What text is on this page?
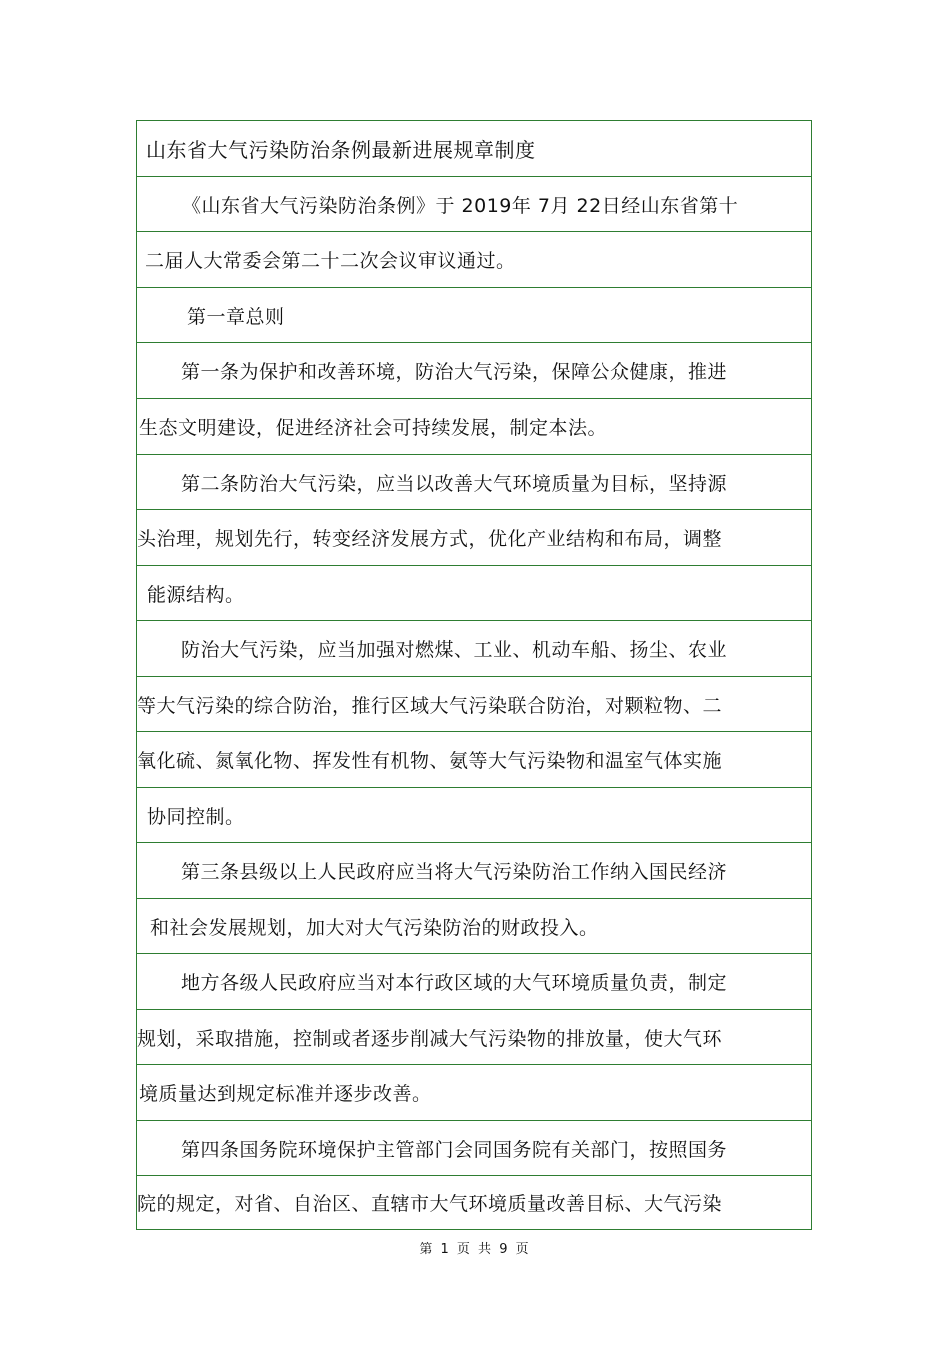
山东省大气污染防治条例最新进展规章制度
《山东省大气污染防治条例》于 2019年 7月 22日经山东省第十
二届人大常委会第二十二次会议审议通过。
第一章总则
第一条为保护和改善环境，防治大气污染，保障公众健康，推进
生态文明建设，促进经济社会可持续发展，制定本法。
第二条防治大气污染，应当以改善大气环境质量为目标，坚持源
头治理，规划先行，转变经济发展方式，优化产业结构和布局，调整
能源结构。
防治大气污染，应当加强对燃煤、工业、机动车船、扬尘、农业
等大气污染的综合防治，推行区域大气污染联合防治，对颗粒物、二
氧化硫、氮氧化物、挥发性有机物、氨等大气污染物和温室气体实施
协同控制。
第三条县级以上人民政府应当将大气污染防治工作纳入国民经济
和社会发展规划，加大对大气污染防治的财政投入。
地方各级人民政府应当对本行政区域的大气环境质量负责，制定
规划，采取措施，控制或者逐步削减大气污染物的排放量，使大气环
境质量达到规定标准并逐步改善。
第四条国务院环境保护主管部门会同国务院有关部门，按照国务
院的规定，对省、自治区、直辖市大气环境质量改善目标、大气污染
第 1 页 共 9 页
